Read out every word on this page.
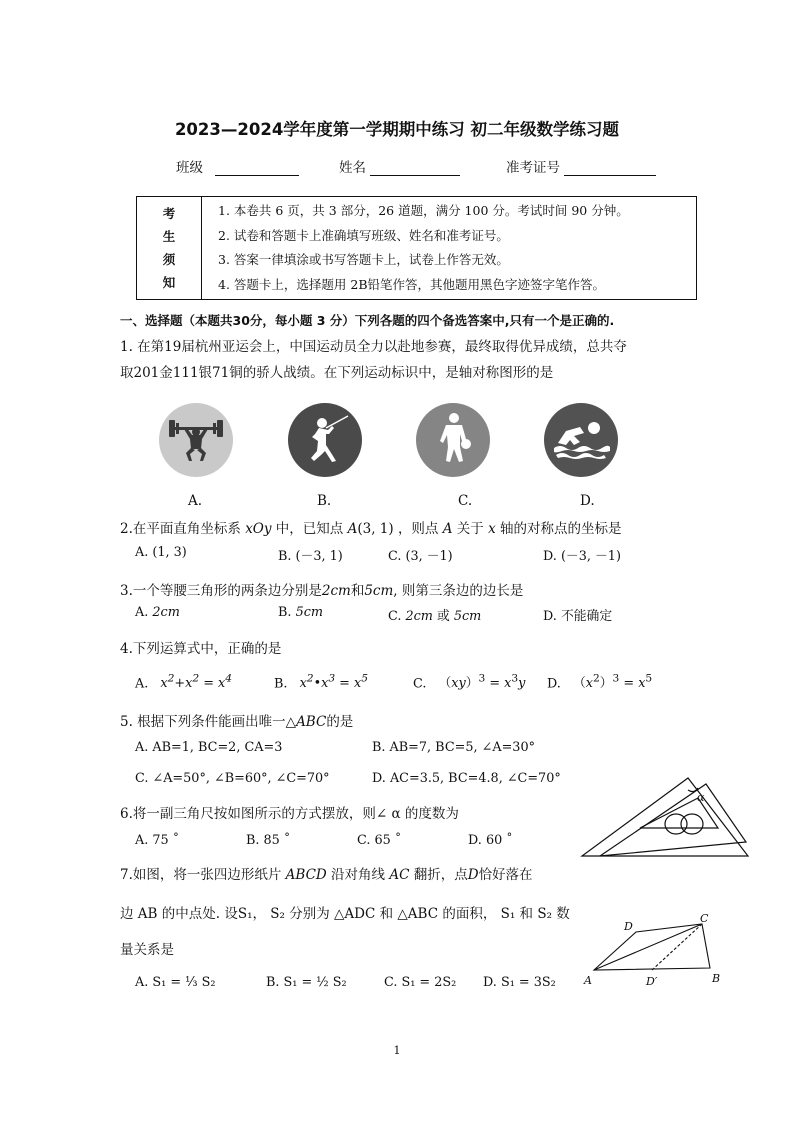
2023—2024学年度第一学期期中练习 初二年级数学练习题
班级	姓名	准考证号
考
生
须
知

1. 本卷共 6 页，共 3 部分，26 道题，满分 100 分。考试时间 90 分钟。
2. 试卷和答题卡上准确填写班级、姓名和准考证号。
3. 答案一律填涂或书写答题卡上，试卷上作答无效。
4. 答题卡上，选择题用 2B铅笔作答，其他题用黑色字迹签字笔作答。
一、选择题（本题共30分，每小题 3 分）下列各题的四个备选答案中,只有一个是正确的.
1. 在第19届杭州亚运会上，中国运动员全力以赴地参赛，最终取得优异成绩，总共夺
取201金111银71铜的骄人战绩。在下列运动标识中，是轴对称图形的是
A.	B.	C.	D.
2.在平面直角坐标系 xOy 中，已知点 A(3, 1) ，则点 A 关于 x 轴的对称点的坐标是
A. (1, 3)	B. (－3, 1)	C. (3, －1)	D. (－3, －1)
3.一个等腰三角形的两条边分别是2cm和5cm, 则第三条边的边长是
A. 2cm	B. 5cm	C. 2cm 或 5cm	D. 不能确定
4.下列运算式中，正确的是
A. $x^2+x^2 = x^4$	B. $x^2•x^3 = x^5$	C. $(xy)^3 = x^3y$ D. $(x^2)^3 = x^5$
5. 根据下列条件能画出唯一△ABC的是
A. AB=1, BC=2, CA=3	B. AB=7, BC=5, ∠A=30°
C. ∠A=50°, ∠B=60°, ∠C=70°	D. AC=3.5, BC=4.8, ∠C=70°
6.将一副三角尺按如图所示的方式摆放，则∠ α 的度数为
A. 75 ˚	B. 85 ˚	C. 65 ˚	D. 60 ˚
α
7.如图，将一张四边形纸片 ABCD 沿对角线 AC 翻折，点D恰好落在
边 AB 的中点处. 设S₁， S₂ 分别为 △ADC 和 △ABC 的面积， S₁ 和 S₂ 数
量关系是
A. S₁ = ⅓ S₂	B. S₁ = ½ S₂	C. S₁ = 2S₂ D. S₁ = 3S₂
D
C
A	D′	B
1
